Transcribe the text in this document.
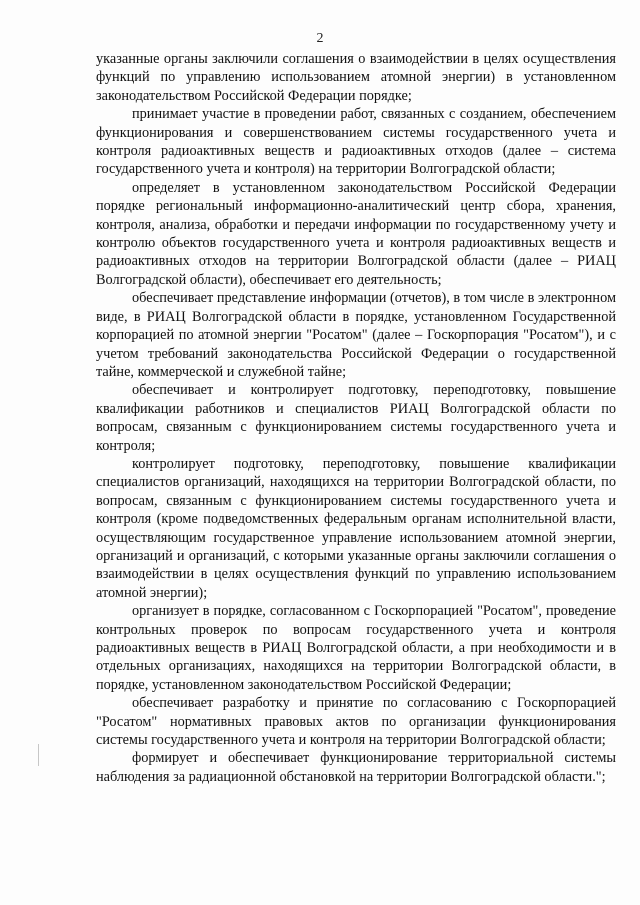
2

указанные органы заключили соглашения о взаимодействии в целях осуществления функций по управлению использованием атомной энергии) в установленном законодательством Российской Федерации порядке;

принимает участие в проведении работ, связанных с созданием, обеспечением функционирования и совершенствованием системы государственного учета и контроля радиоактивных веществ и радиоактивных отходов (далее – система государственного учета и контроля) на территории Волгоградской области;

определяет в установленном законодательством Российской Федерации порядке региональный информационно-аналитический центр сбора, хранения, контроля, анализа, обработки и передачи информации по государственному учету и контролю объектов государственного учета и контроля радиоактивных веществ и радиоактивных отходов на территории Волгоградской области (далее – РИАЦ Волгоградской области), обеспечивает его деятельность;

обеспечивает представление информации (отчетов), в том числе в электронном виде, в РИАЦ Волгоградской области в порядке, установленном Государственной корпорацией по атомной энергии "Росатом" (далее – Госкорпорация "Росатом"), и с учетом требований законодательства Российской Федерации о государственной тайне, коммерческой и служебной тайне;

обеспечивает и контролирует подготовку, переподготовку, повышение квалификации работников и специалистов РИАЦ Волгоградской области по вопросам, связанным с функционированием системы государственного учета и контроля;

контролирует подготовку, переподготовку, повышение квалификации специалистов организаций, находящихся на территории Волгоградской области, по вопросам, связанным с функционированием системы государственного учета и контроля (кроме подведомственных федеральным органам исполнительной власти, осуществляющим государственное управление использованием атомной энергии, организаций и организаций, с которыми указанные органы заключили соглашения о взаимодействии в целях осуществления функций по управлению использованием атомной энергии);

организует в порядке, согласованном с Госкорпорацией "Росатом", проведение контрольных проверок по вопросам государственного учета и контроля радиоактивных веществ в РИАЦ Волгоградской области, а при необходимости и в отдельных организациях, находящихся на территории Волгоградской области, в порядке, установленном законодательством Российской Федерации;

обеспечивает разработку и принятие по согласованию с Госкорпорацией "Росатом" нормативных правовых актов по организации функционирования системы государственного учета и контроля на территории Волгоградской области;

формирует и обеспечивает функционирование территориальной системы наблюдения за радиационной обстановкой на территории Волгоградской области.";
